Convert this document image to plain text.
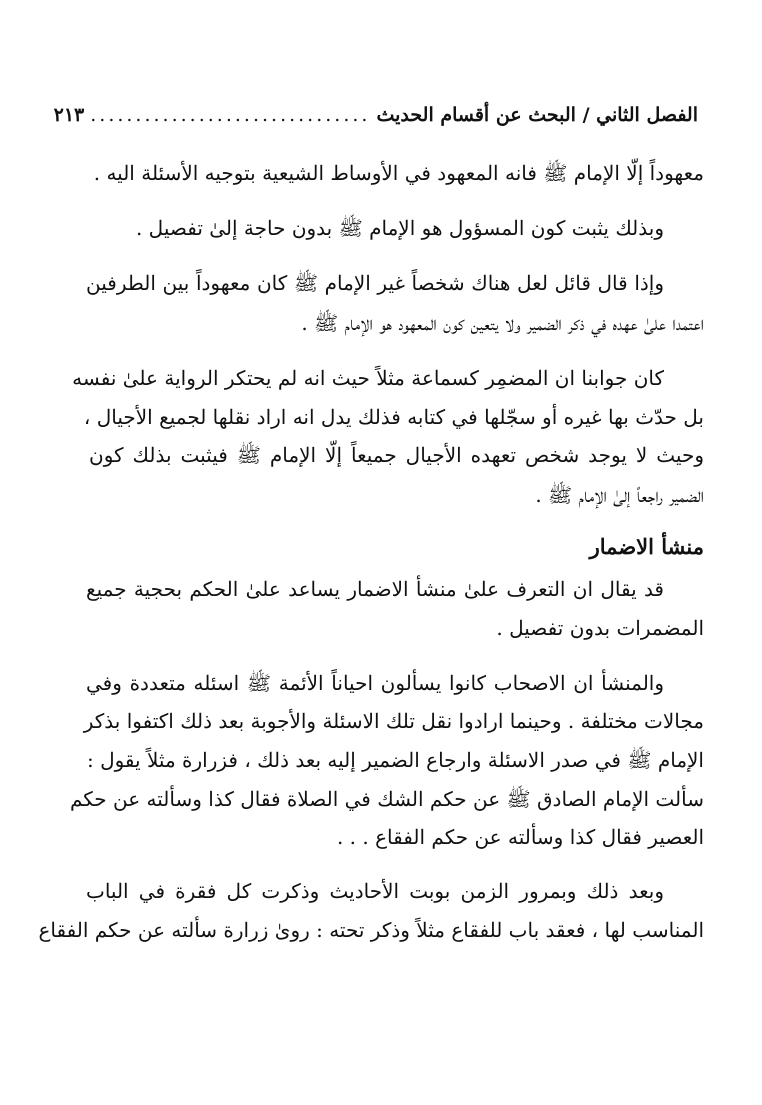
الفصل الثاني / البحث عن أقسام الحديث
...............................
٢١٣
معهوداً إلّا الإمام ﷺ فانه المعهود في الأوساط الشيعية بتوجيه الأسئلة اليه .
وبذلك يثبت كون المسؤول هو الإمام ﷺ بدون حاجة إلىٰ تفصيل .
وإذا قال قائل لعل هناك شخصاً غير الإمام ﷺ كان معهوداً بين الطرفين
اعتمدا علىٰ عهده في ذكر الضمير ولا يتعين كون المعهود هو الإمام ﷺ .
كان جوابنا ان المضمِر كسماعة مثلاً حيث انه لم يحتكر الرواية علىٰ نفسه
بل حدّث بها غيره أو سجّلها في كتابه فذلك يدل انه اراد نقلها لجميع الأجيال ،
وحيث لا يوجد شخص تعهده الأجيال جميعاً إلّا الإمام ﷺ فيثبت بذلك كون
الضمير راجعاً إلىٰ الإمام ﷺ .
منشأ الاضمار
قد يقال ان التعرف علىٰ منشأ الاضمار يساعد علىٰ الحكم بحجية جميع
المضمرات بدون تفصيل .
والمنشأ ان الاصحاب كانوا يسألون احياناً الأئمة ﷺ اسئله متعددة وفي
مجالات مختلفة . وحينما ارادوا نقل تلك الاسئلة والأجوبة بعد ذلك اكتفوا بذكر
الإمام ﷺ في صدر الاسئلة وارجاع الضمير إليه بعد ذلك ، فزرارة مثلاً يقول :
سألت الإمام الصادق ﷺ عن حكم الشك في الصلاة فقال كذا وسألته عن حكم
العصير فقال كذا وسألته عن حكم الفقاع . . .
وبعد ذلك وبمرور الزمن بوبت الأحاديث وذكرت كل فقرة في الباب
المناسب لها ، فعقد باب للفقاع مثلاً وذكر تحته : روىٰ زرارة سألته عن حكم الفقاع
